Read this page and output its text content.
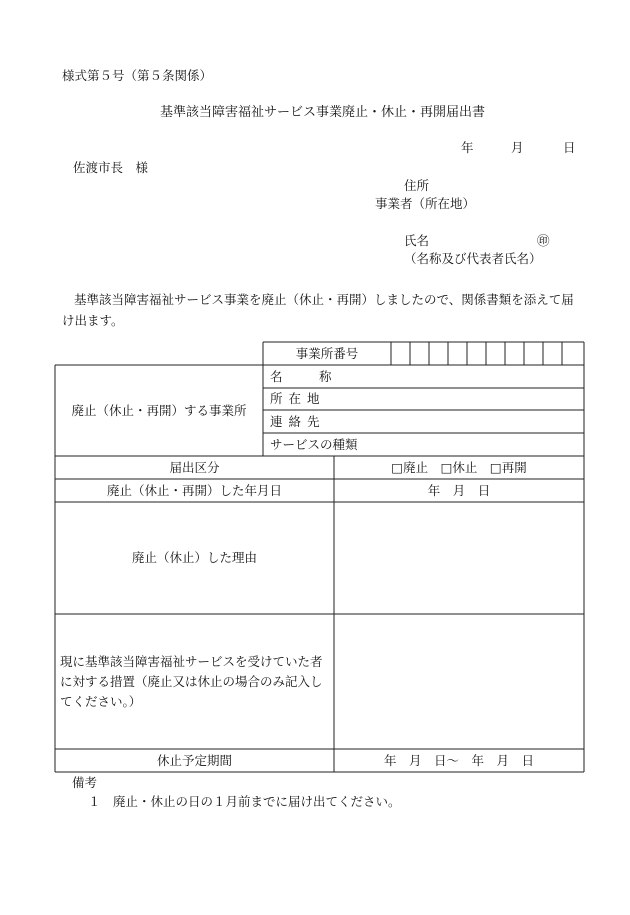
様式第５号（第５条関係）
基準該当障害福祉サービス事業廃止・休止・再開届出書
年	月	日
佐渡市長　様
住所
事業者（所在地）
氏名	㊞
（名称及び代表者氏名）
基準該当障害福祉サービス事業を廃止（休止・再開）しましたので、関係書類を添えて届け出ます。
事業所番号
廃止（休止・再開）する事業所
名　称
所在地
連絡先
サービスの種類
届出区分	□廃止　□休止　□再開
廃止（休止・再開）した年月日	年　月　日
廃止（休止）した理由
現に基準該当障害福祉サービスを受けていた者に対する措置（廃止又は休止の場合のみ記入してください。）
休止予定期間	年　月　日〜　年　月　日
備考
１　廃止・休止の日の１月前までに届け出てください。
